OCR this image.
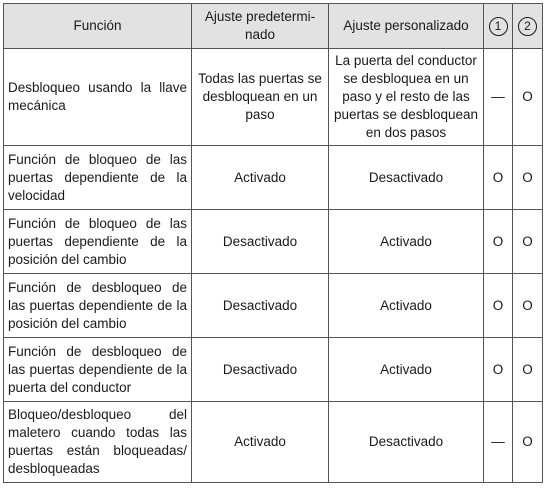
Función	Ajuste predetermi-nado	Ajuste personalizado	1	2
Desbloqueo usando la llave mecánica	Todas las puertas se desbloquean en un paso	La puerta del conductor se desbloquea en un paso y el resto de las puertas se desbloquean en dos pasos	—	O
Función de bloqueo de las puertas dependiente de la velocidad	Activado	Desactivado	O	O
Función de bloqueo de las puertas dependiente de la posición del cambio	Desactivado	Activado	O	O
Función de desbloqueo de las puertas dependiente de la posición del cambio	Desactivado	Activado	O	O
Función de desbloqueo de las puertas dependiente de la puerta del conductor	Desactivado	Activado	O	O
Bloqueo/desbloqueo del maletero cuando todas las puertas están bloqueadas/ desbloqueadas	Activado	Desactivado	—	O
